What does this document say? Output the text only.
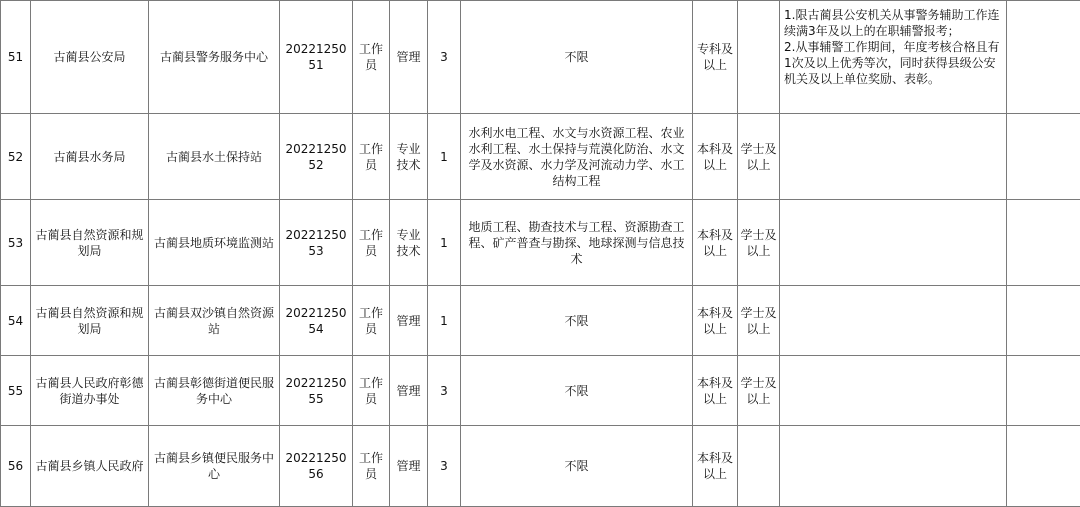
51	古蔺县公安局	古蔺县警务服务中心	2022125051	工作员	管理	3	不限	专科及以上		1.限古蔺县公安机关从事警务辅助工作连续满3年及以上的在职辅警报考；
2.从事辅警工作期间，年度考核合格且有1次及以上优秀等次，同时获得县级公安机关及以上单位奖励、表彰。	
52	古蔺县水务局	古蔺县水土保持站	2022125052	工作员	专业技术	1	水利水电工程、水文与水资源工程、农业水利工程、水土保持与荒漠化防治、水文学及水资源、水力学及河流动力学、水工结构工程	本科及以上	学士及以上		
53	古蔺县自然资源和规划局	古蔺县地质环境监测站	2022125053	工作员	专业技术	1	地质工程、勘查技术与工程、资源勘查工程、矿产普查与勘探、地球探测与信息技术	本科及以上	学士及以上		
54	古蔺县自然资源和规划局	古蔺县双沙镇自然资源站	2022125054	工作员	管理	1	不限	本科及以上	学士及以上		
55	古蔺县人民政府彰德街道办事处	古蔺县彰德街道便民服务中心	2022125055	工作员	管理	3	不限	本科及以上	学士及以上		
56	古蔺县乡镇人民政府	古蔺县乡镇便民服务中心	2022125056	工作员	管理	3	不限	本科及以上			
